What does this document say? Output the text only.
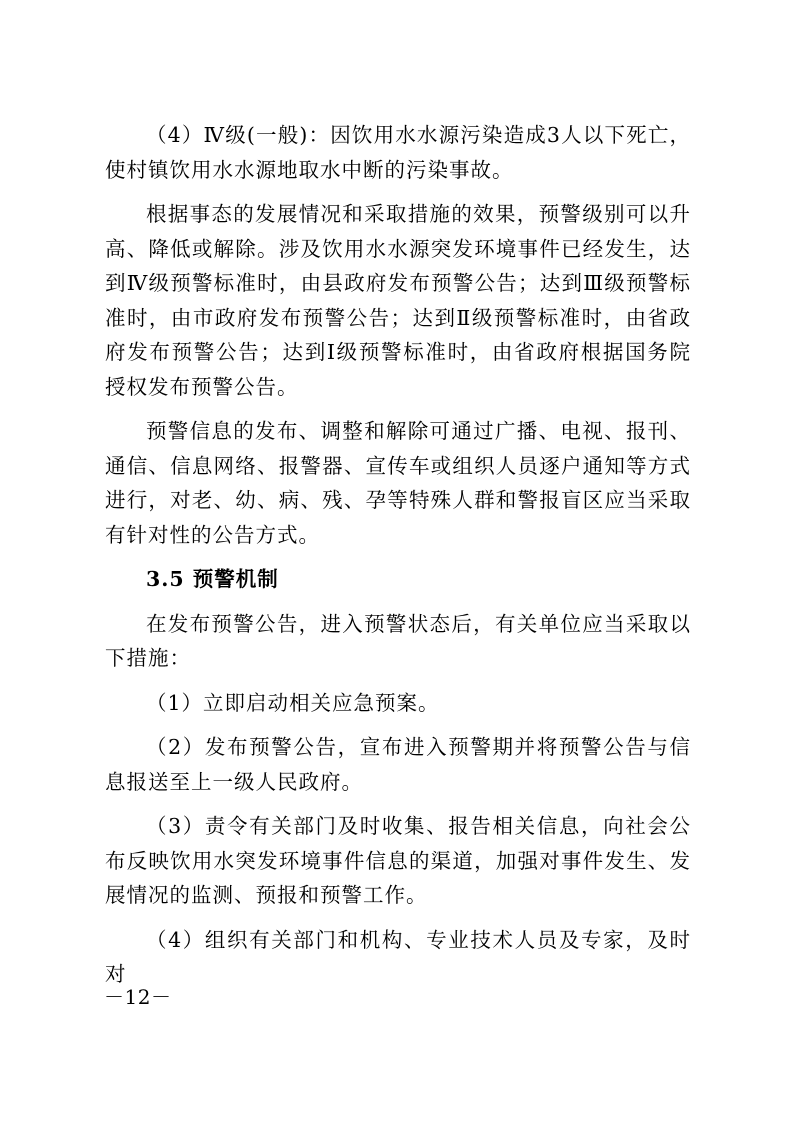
（4）Ⅳ级(一般)：因饮用水水源污染造成3人以下死亡，使村镇饮用水水源地取水中断的污染事故。

根据事态的发展情况和采取措施的效果，预警级别可以升高、降低或解除。涉及饮用水水源突发环境事件已经发生，达到Ⅳ级预警标准时，由县政府发布预警公告；达到Ⅲ级预警标准时，由市政府发布预警公告；达到Ⅱ级预警标准时，由省政府发布预警公告；达到Ⅰ级预警标准时，由省政府根据国务院授权发布预警公告。

预警信息的发布、调整和解除可通过广播、电视、报刊、通信、信息网络、报警器、宣传车或组织人员逐户通知等方式进行，对老、幼、病、残、孕等特殊人群和警报盲区应当采取有针对性的公告方式。

3.5 预警机制

在发布预警公告，进入预警状态后，有关单位应当采取以下措施：

（1）立即启动相关应急预案。

（2）发布预警公告，宣布进入预警期并将预警公告与信息报送至上一级人民政府。

（3）责令有关部门及时收集、报告相关信息，向社会公布反映饮用水突发环境事件信息的渠道，加强对事件发生、发展情况的监测、预报和预警工作。

（4）组织有关部门和机构、专业技术人员及专家，及时对

－12－
